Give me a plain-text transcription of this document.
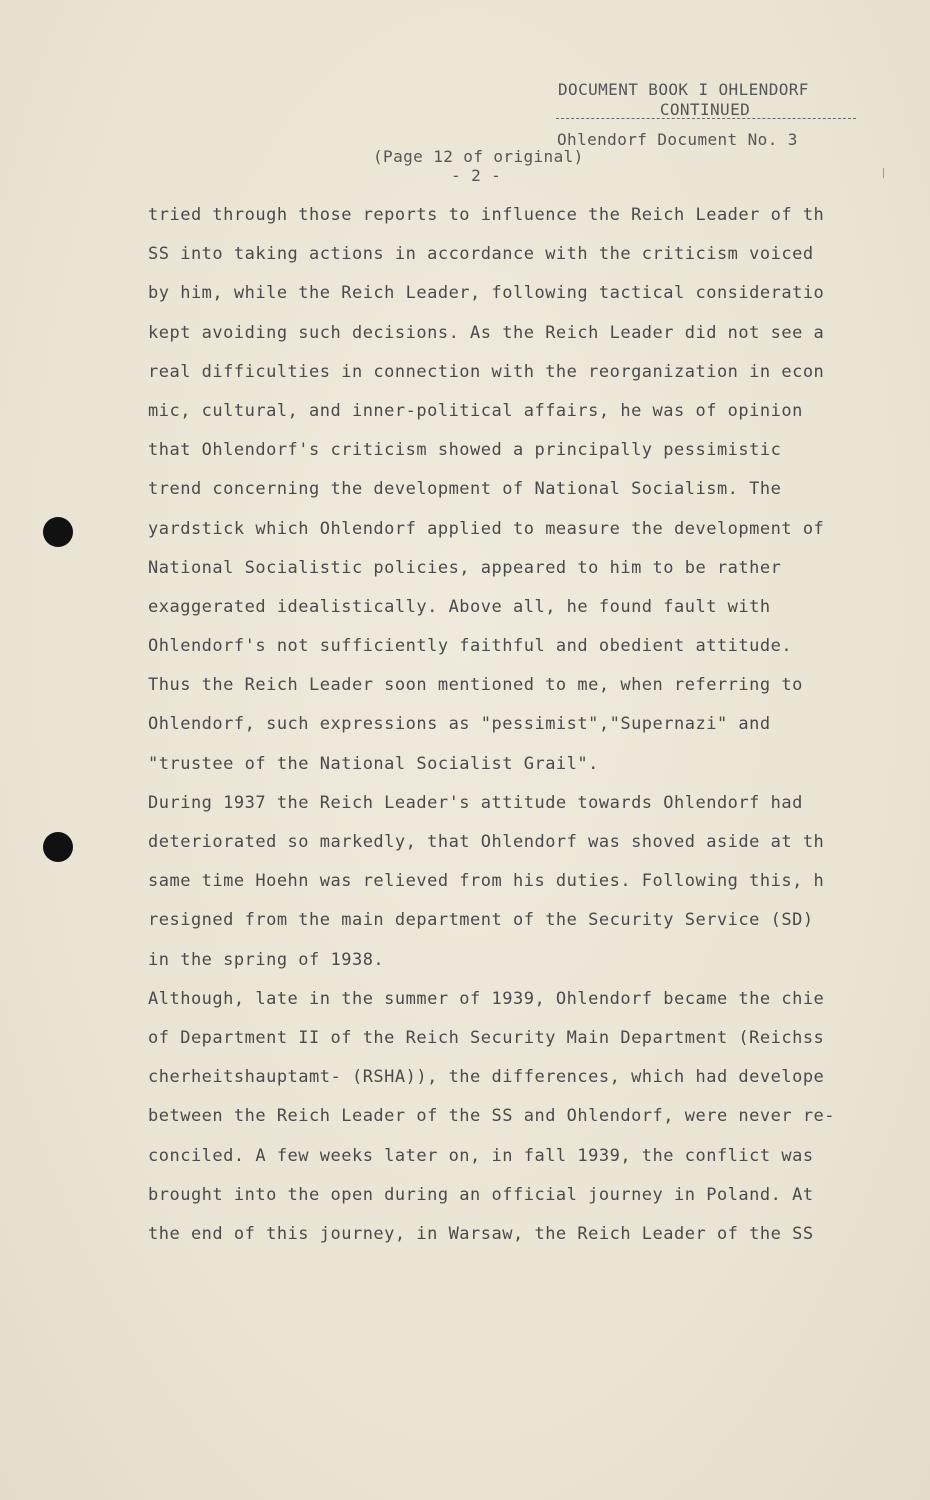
DOCUMENT BOOK I OHLENDORF
CONTINUED
Ohlendorf Document No. 3
(Page 12 of original)
- 2 -
tried through those reports to influence the Reich Leader of th
SS into taking actions in accordance with the criticism voiced
by him, while the Reich Leader, following tactical consideratio
kept avoiding such decisions. As the Reich Leader did not see a
real difficulties in connection with the reorganization in econ
mic, cultural, and inner-political affairs, he was of opinion
that Ohlendorf's criticism showed a principally pessimistic
trend concerning the development of National Socialism. The
yardstick which Ohlendorf applied to measure the development of
National Socialistic policies, appeared to him to be rather
exaggerated idealistically. Above all, he found fault with
Ohlendorf's not sufficiently faithful and obedient attitude.
Thus the Reich Leader soon mentioned to me, when referring to
Ohlendorf, such expressions as "pessimist","Supernazi" and
"trustee of the National Socialist Grail".
During 1937 the Reich Leader's attitude towards Ohlendorf had
deteriorated so markedly, that Ohlendorf was shoved aside at th
same time Hoehn was relieved from his duties. Following this, h
resigned from the main department of the Security Service (SD)
in the spring of 1938.
Although, late in the summer of 1939, Ohlendorf became the chie
of Department II of the Reich Security Main Department (Reichss
cherheitshauptamt- (RSHA)), the differences, which had develope
between the Reich Leader of the SS and Ohlendorf, were never re-
conciled. A few weeks later on, in fall 1939, the conflict was
brought into the open during an official journey in Poland. At
the end of this journey, in Warsaw, the Reich Leader of the SS
